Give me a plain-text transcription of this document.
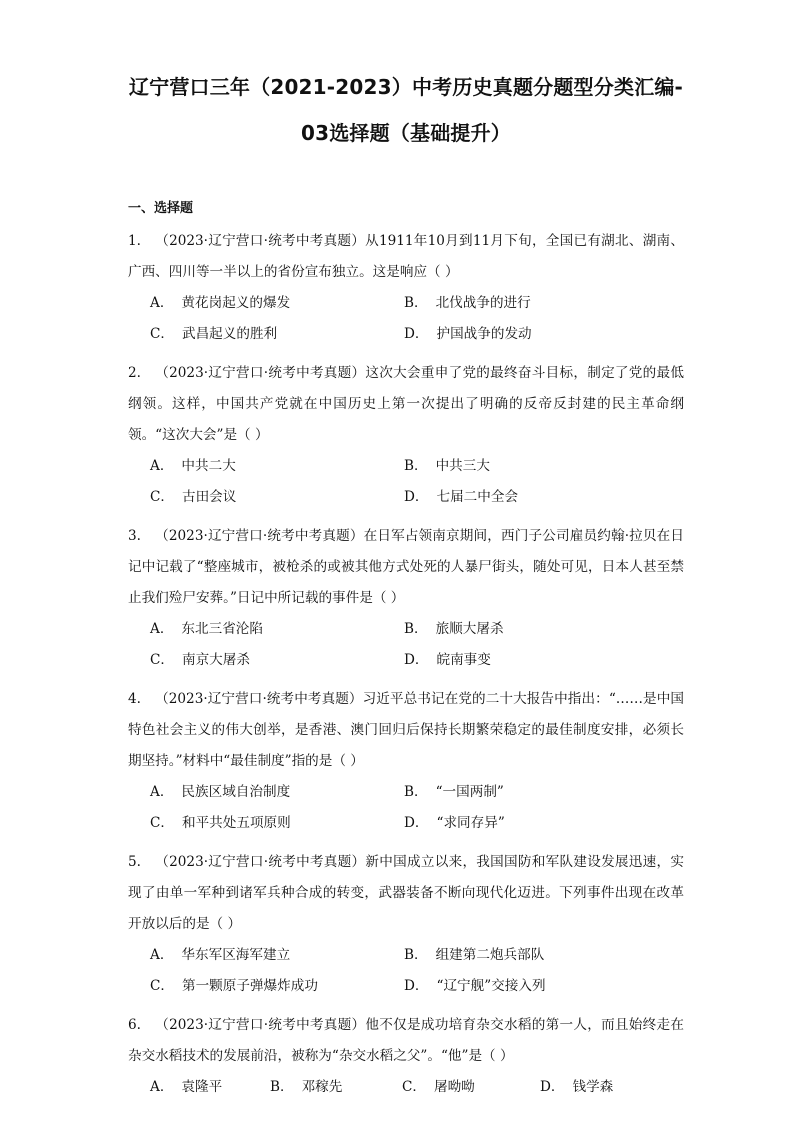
辽宁营口三年（2021-2023）中考历史真题分题型分类汇编-
03选择题（基础提升）
一、选择题
1. （2023·辽宁营口·统考中考真题）从1911年10月到11月下旬，全国已有湖北、湖南、广西、四川等一半以上的省份宣布独立。这是响应（ ）
A． 黄花岗起义的爆发	B． 北伐战争的进行
C． 武昌起义的胜利	D． 护国战争的发动
2. （2023·辽宁营口·统考中考真题）这次大会重申了党的最终奋斗目标，制定了党的最低纲领。这样，中国共产党就在中国历史上第一次提出了明确的反帝反封建的民主革命纲领。“这次大会”是（ ）
A． 中共二大	B． 中共三大
C． 古田会议	D． 七届二中全会
3. （2023·辽宁营口·统考中考真题）在日军占领南京期间，西门子公司雇员约翰·拉贝在日记中记载了“整座城市，被枪杀的或被其他方式处死的人暴尸街头，随处可见，日本人甚至禁止我们殓尸安葬。”日记中所记载的事件是（ ）
A． 东北三省沦陷	B． 旅顺大屠杀
C． 南京大屠杀	D． 皖南事变
4. （2023·辽宁营口·统考中考真题）习近平总书记在党的二十大报告中指出：“……是中国特色社会主义的伟大创举，是香港、澳门回归后保持长期繁荣稳定的最佳制度安排，必须长期坚持。”材料中“最佳制度”指的是（ ）
A． 民族区域自治制度	B． “一国两制”
C． 和平共处五项原则	D． “求同存异”
5. （2023·辽宁营口·统考中考真题）新中国成立以来，我国国防和军队建设发展迅速，实现了由单一军种到诸军兵种合成的转变，武器装备不断向现代化迈进。下列事件出现在改革开放以后的是（ ）
A． 华东军区海军建立	B． 组建第二炮兵部队
C． 第一颗原子弹爆炸成功	D． “辽宁舰”交接入列
6. （2023·辽宁营口·统考中考真题）他不仅是成功培育杂交水稻的第一人，而且始终走在杂交水稻技术的发展前沿，被称为“杂交水稻之父”。“他”是（ ）
A． 袁隆平	B． 邓稼先	C． 屠呦呦	D． 钱学森
